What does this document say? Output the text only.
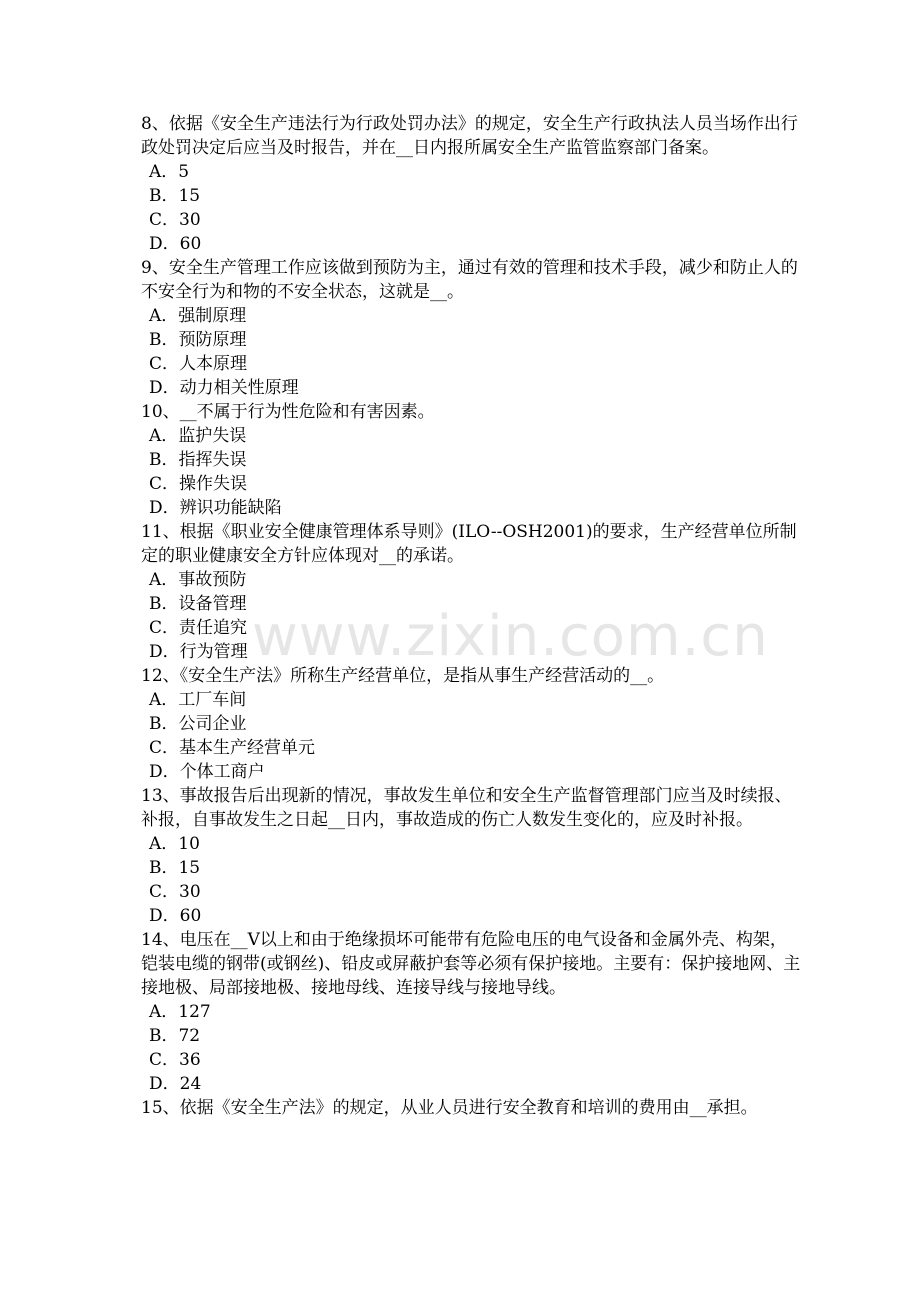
www.zixin.com.cn
8、依据《安全生产违法行为行政处罚办法》的规定，安全生产行政执法人员当场作出行政处罚决定后应当及时报告，并在__日内报所属安全生产监管监察部门备案。
A．5
B．15
C．30
D．60
9、安全生产管理工作应该做到预防为主，通过有效的管理和技术手段，减少和防止人的不安全行为和物的不安全状态，这就是__。
A．强制原理
B．预防原理
C．人本原理
D．动力相关性原理
10、__不属于行为性危险和有害因素。
A．监护失误
B．指挥失误
C．操作失误
D．辨识功能缺陷
11、根据《职业安全健康管理体系导则》(ILO--OSH2001)的要求，生产经营单位所制定的职业健康安全方针应体现对__的承诺。
A．事故预防
B．设备管理
C．责任追究
D．行为管理
12、《安全生产法》所称生产经营单位，是指从事生产经营活动的__。
A．工厂车间
B．公司企业
C．基本生产经营单元
D．个体工商户
13、事故报告后出现新的情况，事故发生单位和安全生产监督管理部门应当及时续报、补报，自事故发生之日起__日内，事故造成的伤亡人数发生变化的，应及时补报。
A．10
B．15
C．30
D．60
14、电压在__V以上和由于绝缘损坏可能带有危险电压的电气设备和金属外壳、构架，铠装电缆的钢带(或钢丝)、铅皮或屏蔽护套等必须有保护接地。主要有：保护接地网、主接地极、局部接地极、接地母线、连接导线与接地导线。
A．127
B．72
C．36
D．24
15、依据《安全生产法》的规定，从业人员进行安全教育和培训的费用由__承担。
